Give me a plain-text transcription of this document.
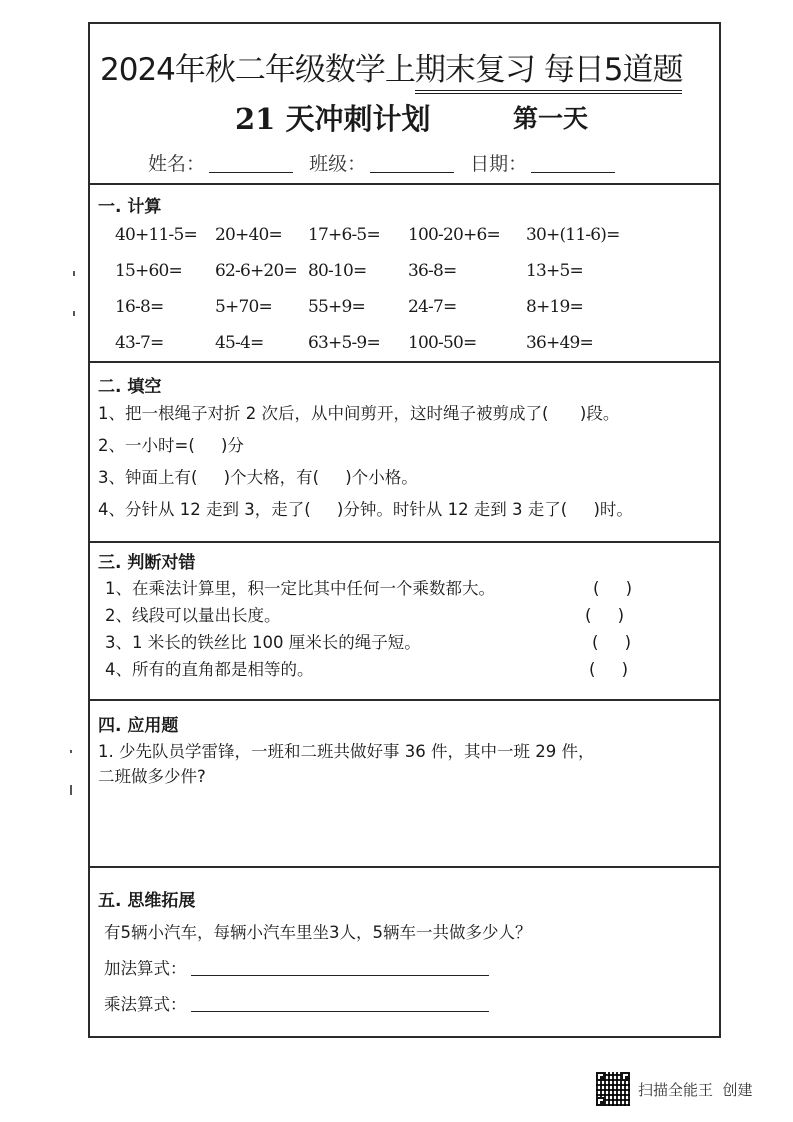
2024年秋二年级数学上期末复习 每日5道题
21 天冲刺计划	第一天
姓名：	班级：	日期：
一. 计算
40+11-5=	20+40=	17+6-5=	100-20+6=	30+(11-6)=
15+60=	62-6+20= 80-10=	36-8=	13+5=
16-8=	5+70=	55+9=	24-7=	8+19=
43-7=	45-4=	63+5-9=	100-50=	36+49=
二. 填空
1、把一根绳子对折 2 次后，从中间剪开，这时绳子被剪成了(      )段。
2、一小时=(     )分
3、钟面上有(     )个大格，有(     )个小格。
4、分针从 12 走到 3，走了(     )分钟。时针从 12 走到 3 走了(     )时。
三. 判断对错
1、在乘法计算里，积一定比其中任何一个乘数都大。	(     )
2、线段可以量出长度。	(     )
3、1 米长的铁丝比 100 厘米长的绳子短。	(     )
4、所有的直角都是相等的。	(     )
四. 应用题
1. 少先队员学雷锋，一班和二班共做好事 36 件，其中一班 29 件，
二班做多少件?
五. 思维拓展
有5辆小汽车，每辆小汽车里坐3人，5辆车一共做多少人？
加法算式：
乘法算式：
扫描全能王  创建
